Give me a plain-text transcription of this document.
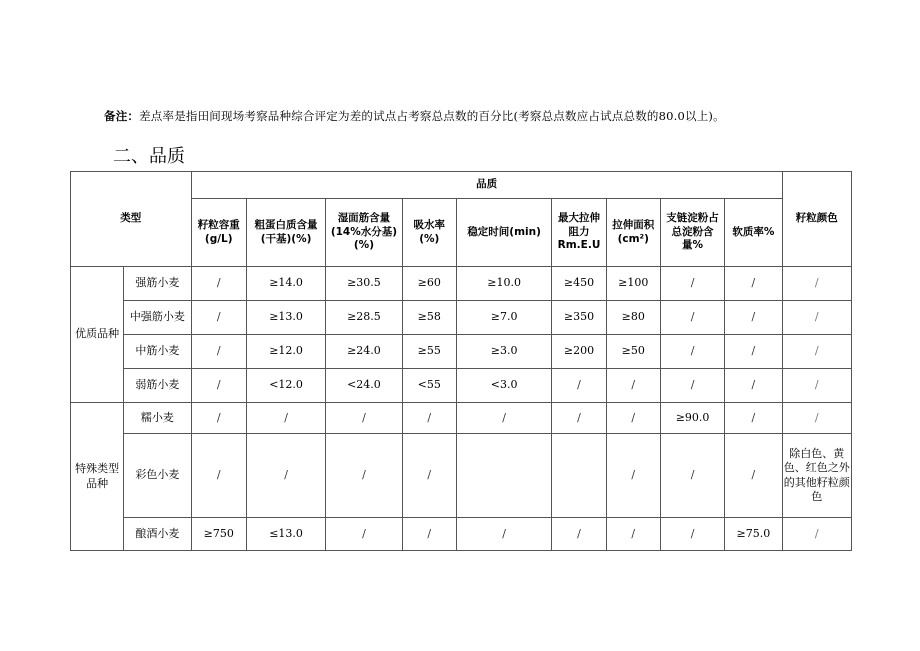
备注：差点率是指田间现场考察品种综合评定为差的试点占考察总点数的百分比(考察总点数应占试点总数的80.0以上)。
二、品质
类型		品质									籽粒颜色
		籽粒容重(g/L)	粗蛋白质含量(干基)(%)	湿面筋含量(14%水分基)(%)	吸水率(%)	稳定时间(min)	最大拉伸阻力Rm.E.U	拉伸面积(cm²)	支链淀粉占总淀粉含量%	软质率%	
优质品种	强筋小麦	/	≥14.0	≥30.5	≥60	≥10.0	≥450	≥100	/	/	/
	中强筋小麦	/	≥13.0	≥28.5	≥58	≥7.0	≥350	≥80	/	/	/
	中筋小麦	/	≥12.0	≥24.0	≥55	≥3.0	≥200	≥50	/	/	/
	弱筋小麦	/	<12.0	<24.0	<55	<3.0	/	/	/	/	/
特殊类型品种	糯小麦	/	/	/	/	/	/	/	≥90.0	/	/
	彩色小麦	/	/	/	/			/	/	/	除白色、黄色、红色之外的其他籽粒颜色
	酿酒小麦	≥750	≤13.0	/	/	/	/	/	/	≥75.0	/
